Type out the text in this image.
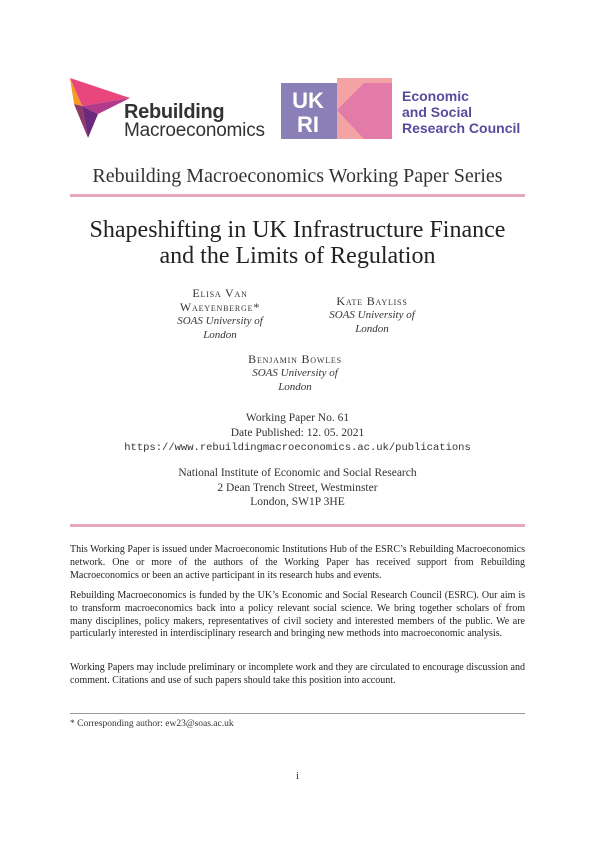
Rebuilding
Macroeconomics
UK
RI
Economic
and Social
Research Council
Rebuilding Macroeconomics Working Paper Series
Shapeshifting in UK Infrastructure Finance
and the Limits of Regulation
Elisa Van
Waeyenberge*
SOAS University of
London
Kate Bayliss
SOAS University of
London
Benjamin Bowles
SOAS University of
London
Working Paper No. 61
Date Published: 12. 05. 2021
https://www.rebuildingmacroeconomics.ac.uk/publications
National Institute of Economic and Social Research
2 Dean Trench Street, Westminster
London, SW1P 3HE
This Working Paper is issued under Macroeconomic Institutions Hub of the ESRC’s Rebuilding Macroeconomics network. One or more of the authors of the Working Paper has received support from Rebuilding Macroeconomics or been an active participant in its research hubs and events.
Rebuilding Macroeconomics is funded by the UK’s Economic and Social Research Council (ESRC). Our aim is to transform macroeconomics back into a policy relevant social science. We bring together scholars of from many disciplines, policy makers, representatives of civil society and interested members of the public. We are particularly interested in interdisciplinary research and bringing new methods into macroeconomic analysis.
Working Papers may include preliminary or incomplete work and they are circulated to encourage discussion and comment. Citations and use of such papers should take this position into account.
* Corresponding author: ew23@soas.ac.uk
i
